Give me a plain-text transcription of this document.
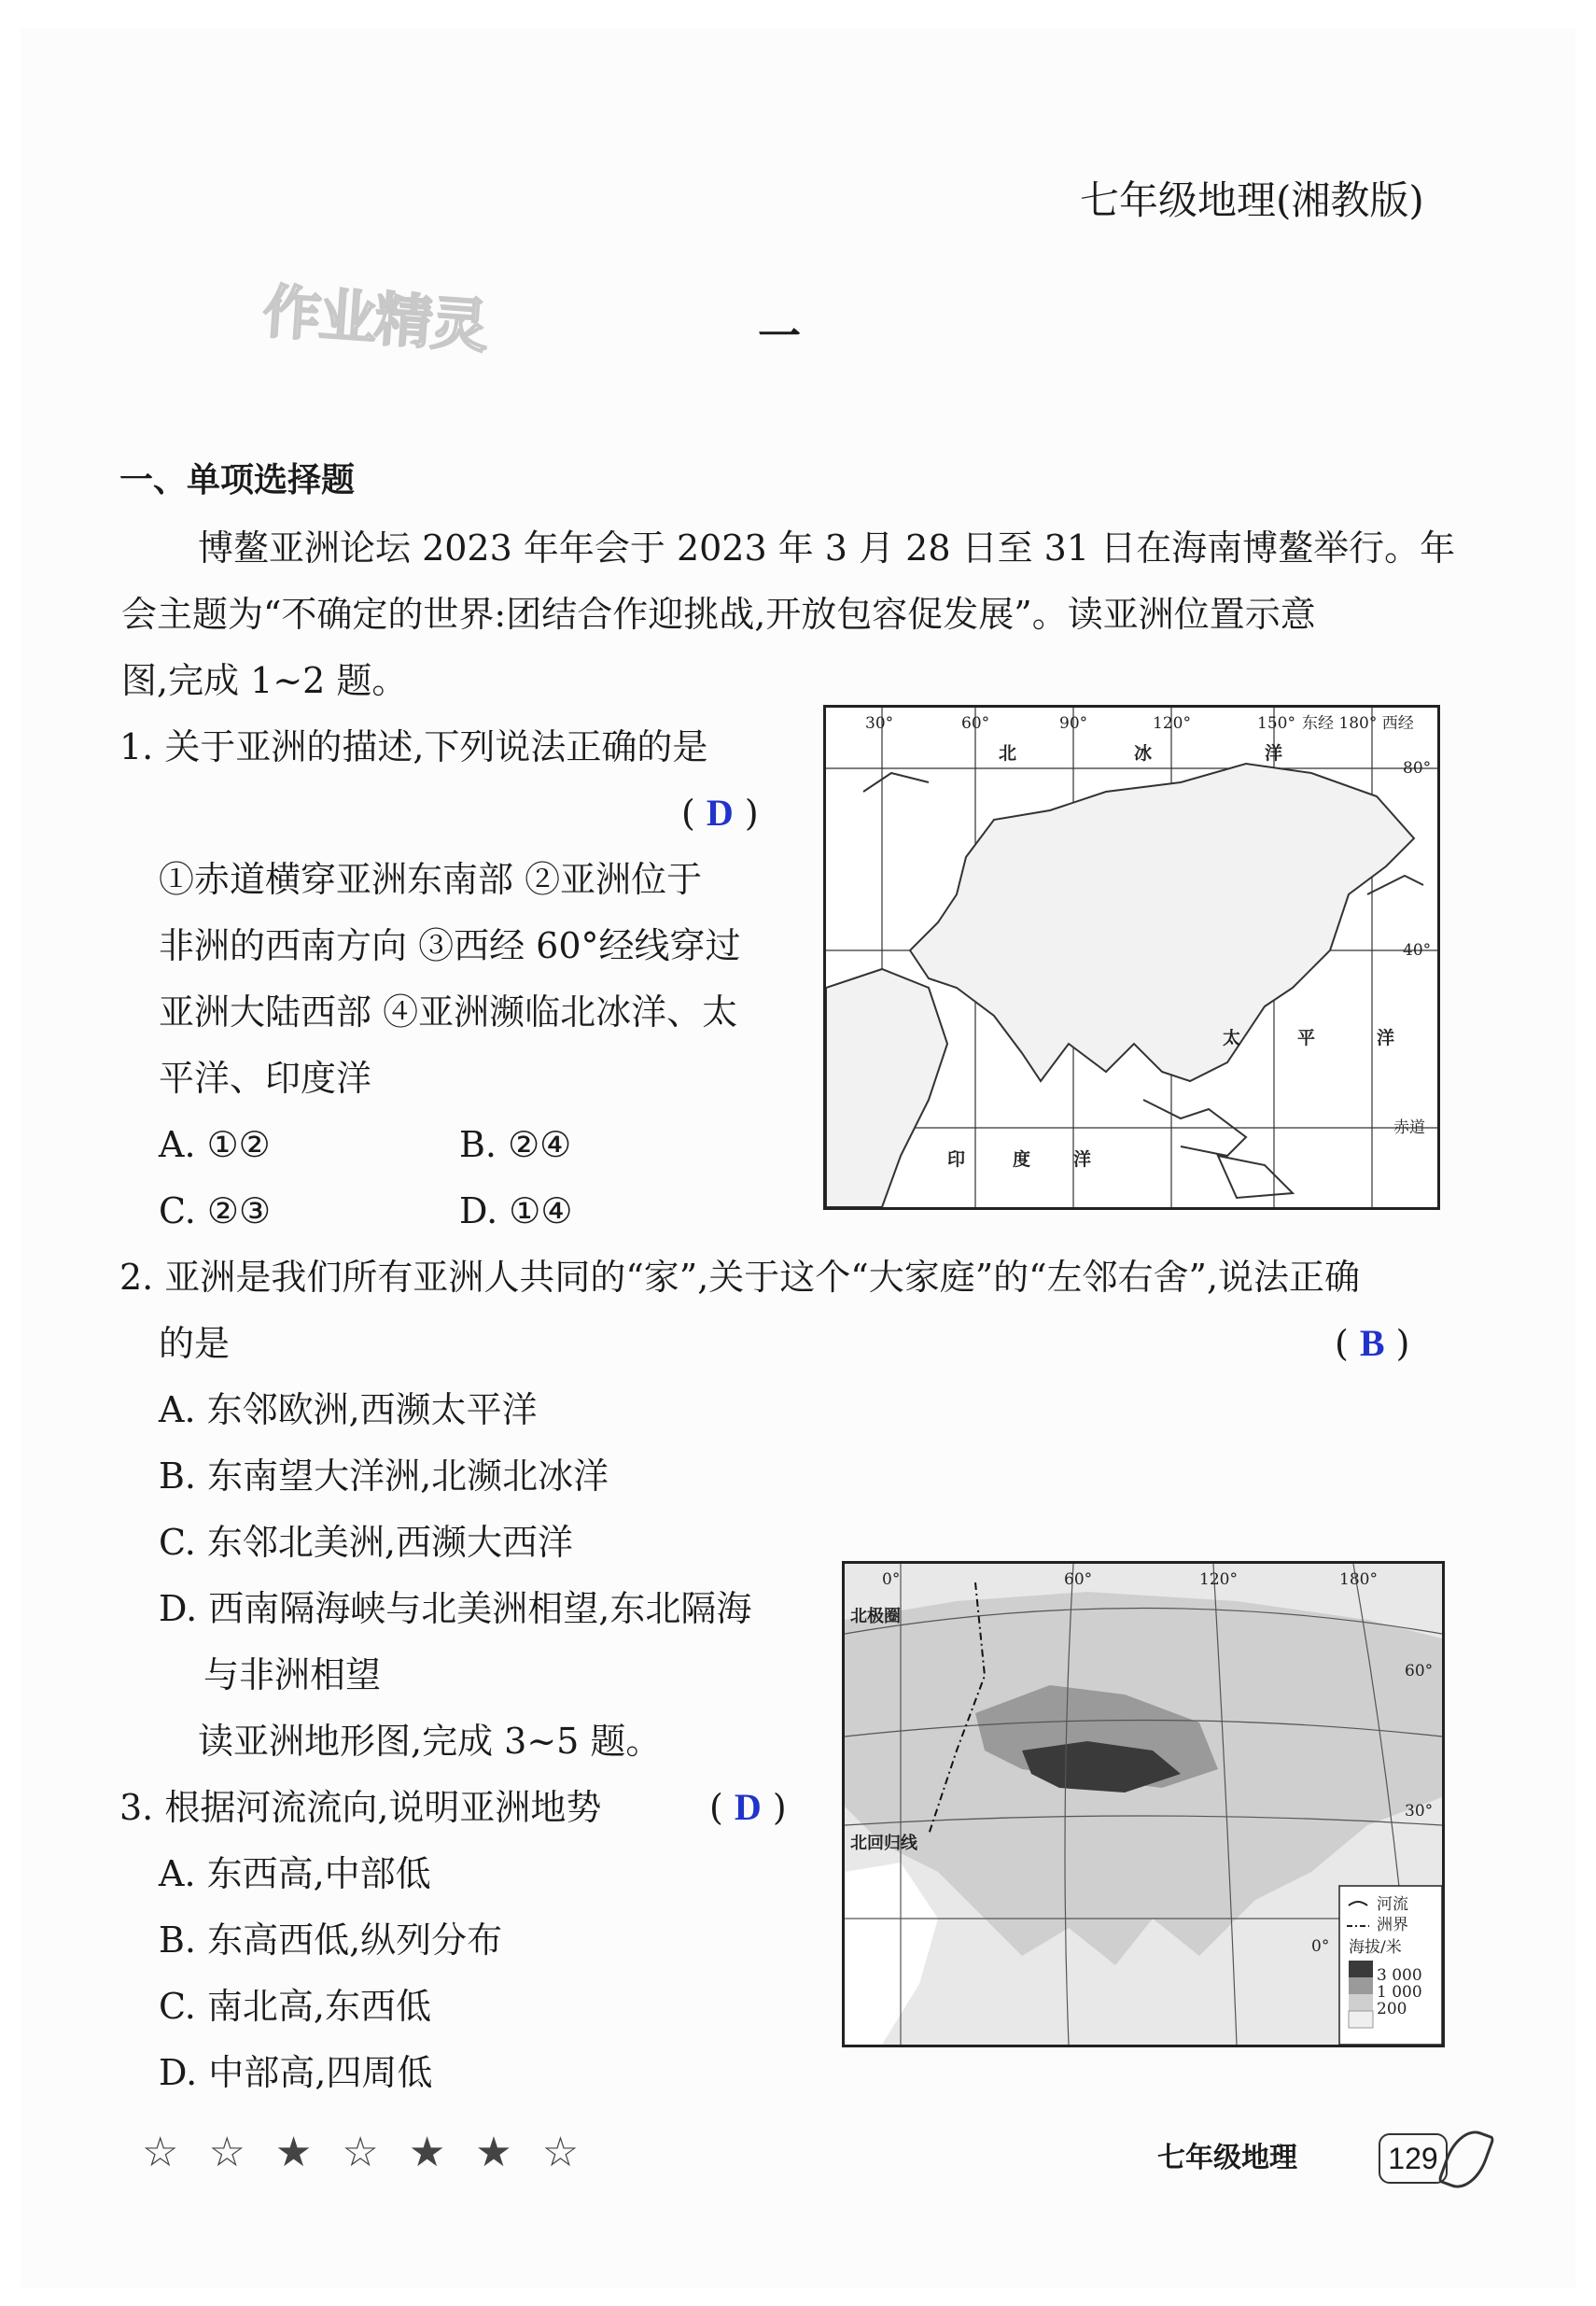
七年级地理(湘教版)
作业精灵	一
一、单项选择题
博鳌亚洲论坛 2023 年年会于 2023 年 3 月 28 日至 31 日在海南博鳌举行。年
会主题为“不确定的世界:团结合作迎挑战,开放包容促发展”。读亚洲位置示意
图,完成 1~2 题。
1. 关于亚洲的描述,下列说法正确的是
( D )
①赤道横穿亚洲东南部 ②亚洲位于
非洲的西南方向 ③西经 60°经线穿过
亚洲大陆西部 ④亚洲濒临北冰洋、太
平洋、印度洋
A. ①②	B. ②④
C. ②③	D. ①④
30°	60°	90°	120°	150° 东经 180° 西经
80°
40°
赤道
北	冰	洋
太	平	洋
印	度 洋
2. 亚洲是我们所有亚洲人共同的“家”,关于这个“大家庭”的“左邻右舍”,说法正确
的是	( B )
A. 东邻欧洲,西濒太平洋
B. 东南望大洋洲,北濒北冰洋
C. 东邻北美洲,西濒大西洋
D. 西南隔海峡与北美洲相望,东北隔海
与非洲相望
读亚洲地形图,完成 3~5 题。
3. 根据河流流向,说明亚洲地势	( D )
A. 东西高,中部低
B. 东高西低,纵列分布
C. 南北高,东西低
D. 中部高,四周低
0°	60°	120°	180°
60°
30°
0°
北极圈
北回归线
河流
洲界
海拔/米
3 000
1 000
200
☆ ☆ ★ ☆ ★ ★ ☆	七年级地理	129
